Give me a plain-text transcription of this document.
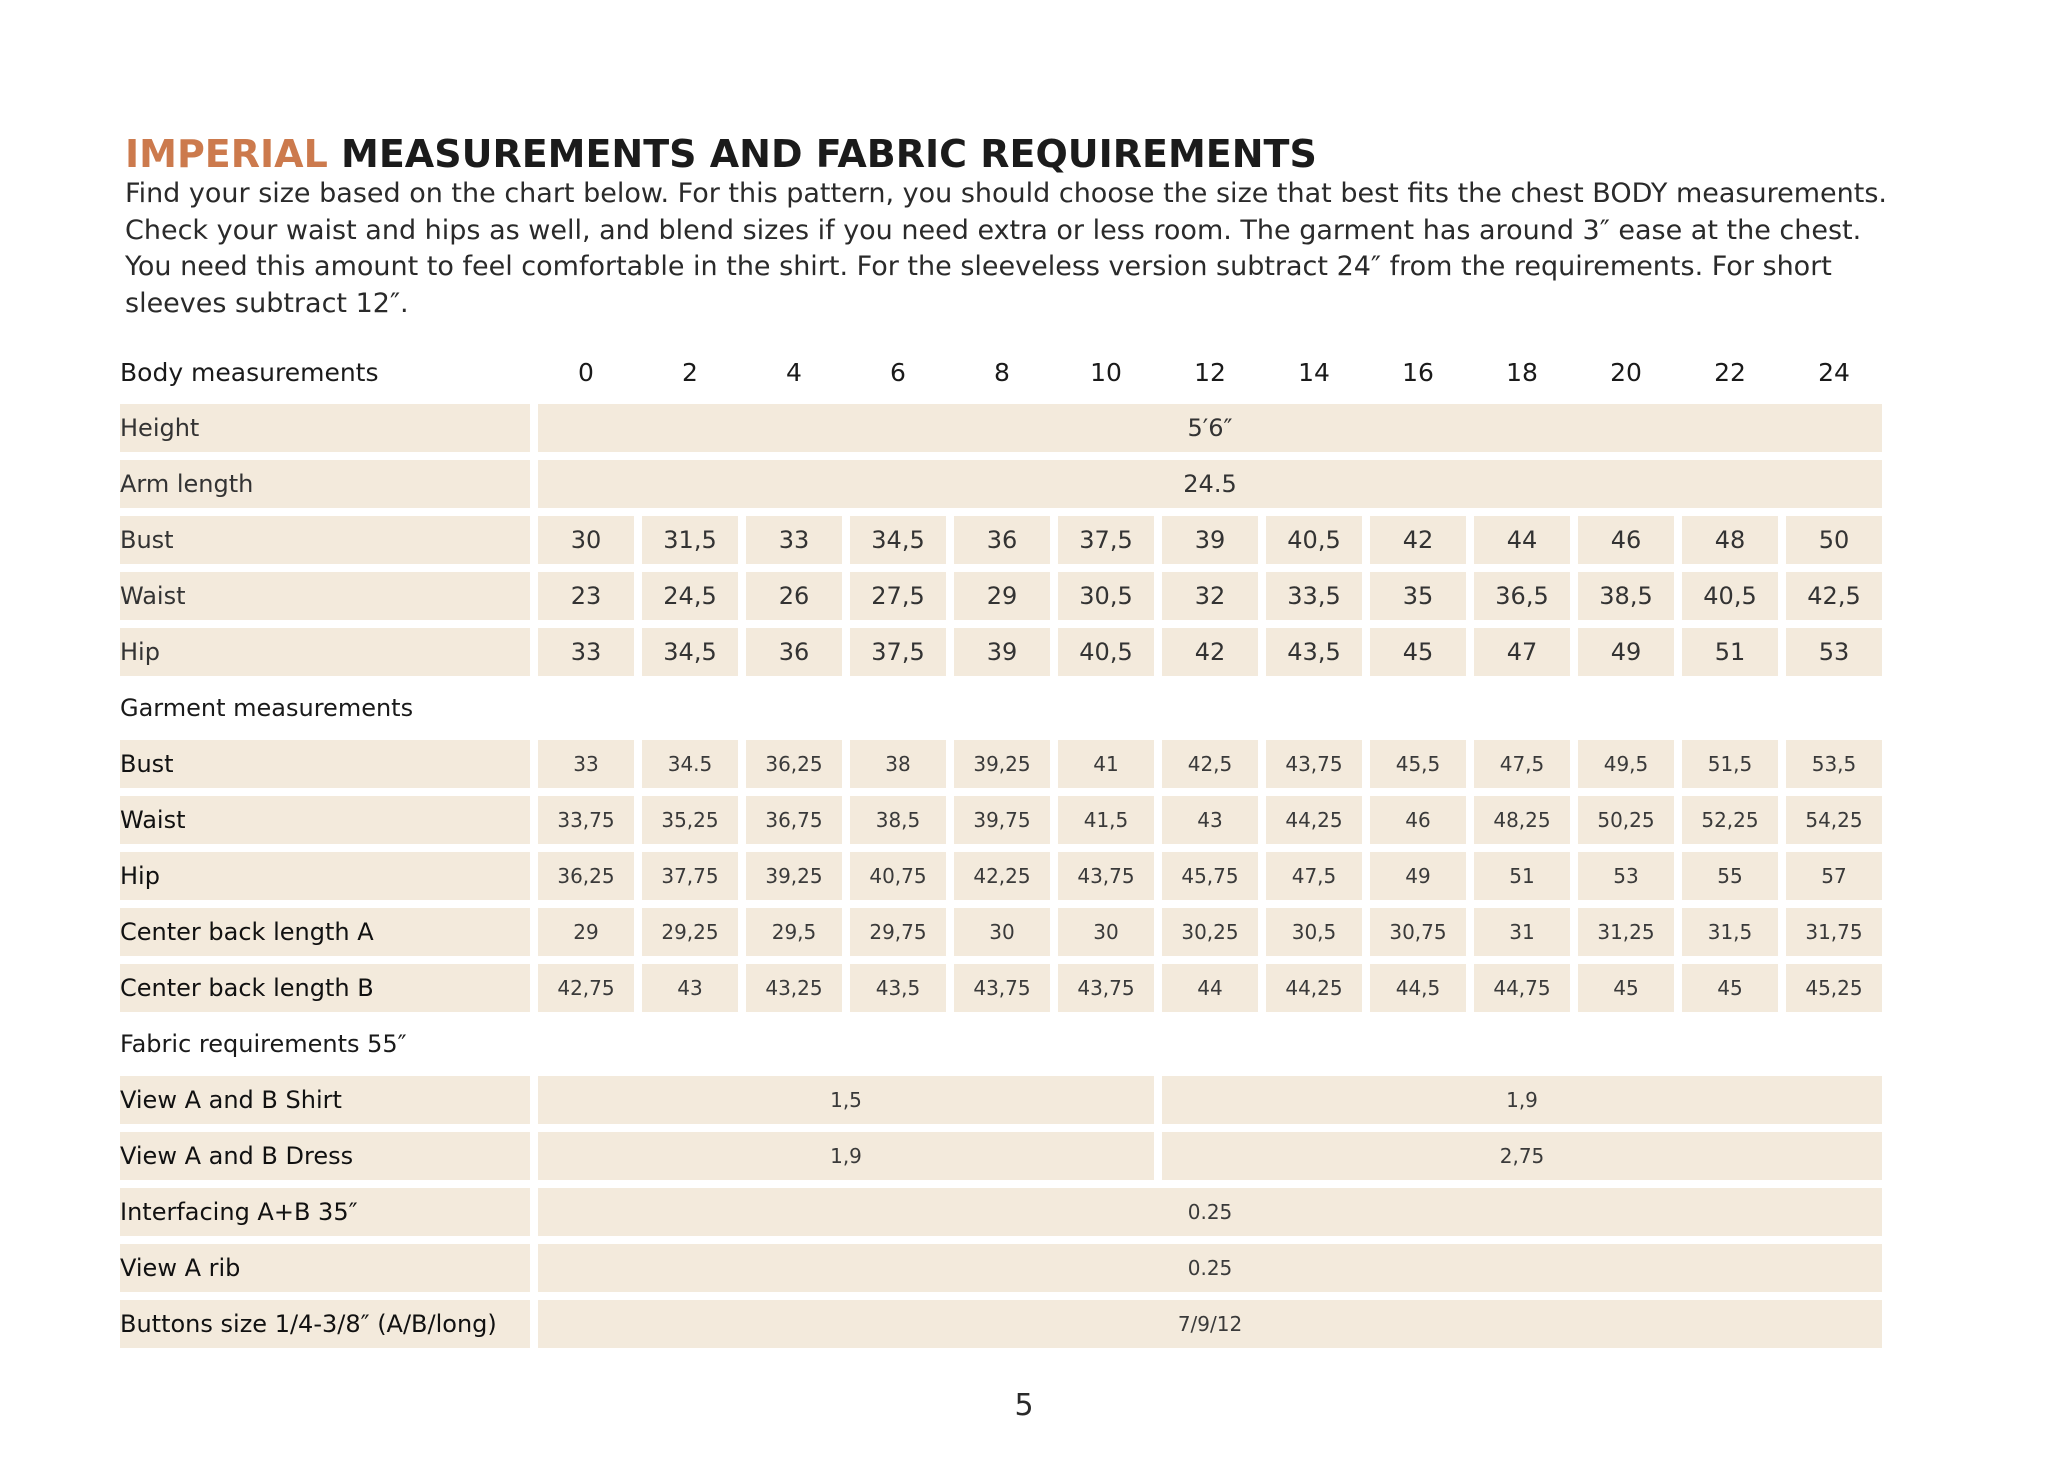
IMPERIAL MEASUREMENTS AND FABRIC REQUIREMENTS

Find your size based on the chart below. For this pattern, you should choose the size that best fits the chest BODY measurements. Check your waist and hips as well, and blend sizes if you need extra or less room. The garment has around 3″ ease at the chest. You need this amount to feel comfortable in the shirt. For the sleeveless version subtract 24″ from the requirements. For short sleeves subtract 12″.

Body measurements	0	2	4	6	8	10	12	14	16	18	20	22	24
Height	5′6″												
Arm length	24.5												
Bust	30	31,5	33	34,5	36	37,5	39	40,5	42	44	46	48	50
Waist	23	24,5	26	27,5	29	30,5	32	33,5	35	36,5	38,5	40,5	42,5
Hip	33	34,5	36	37,5	39	40,5	42	43,5	45	47	49	51	53
Garment measurements													
Bust	33	34.5	36,25	38	39,25	41	42,5	43,75	45,5	47,5	49,5	51,5	53,5
Waist	33,75	35,25	36,75	38,5	39,75	41,5	43	44,25	46	48,25	50,25	52,25	54,25
Hip	36,25	37,75	39,25	40,75	42,25	43,75	45,75	47,5	49	51	53	55	57
Center back length A	29	29,25	29,5	29,75	30	30	30,25	30,5	30,75	31	31,25	31,5	31,75
Center back length B	42,75	43	43,25	43,5	43,75	43,75	44	44,25	44,5	44,75	45	45	45,25
Fabric requirements 55″													
View A and B Shirt	1,5						1,9						
View A and B Dress	1,9						2,75						
Interfacing A+B 35″	0.25												
View A rib	0.25												
Buttons size 1/4-3/8″ (A/B/long)	7/9/12												
5
